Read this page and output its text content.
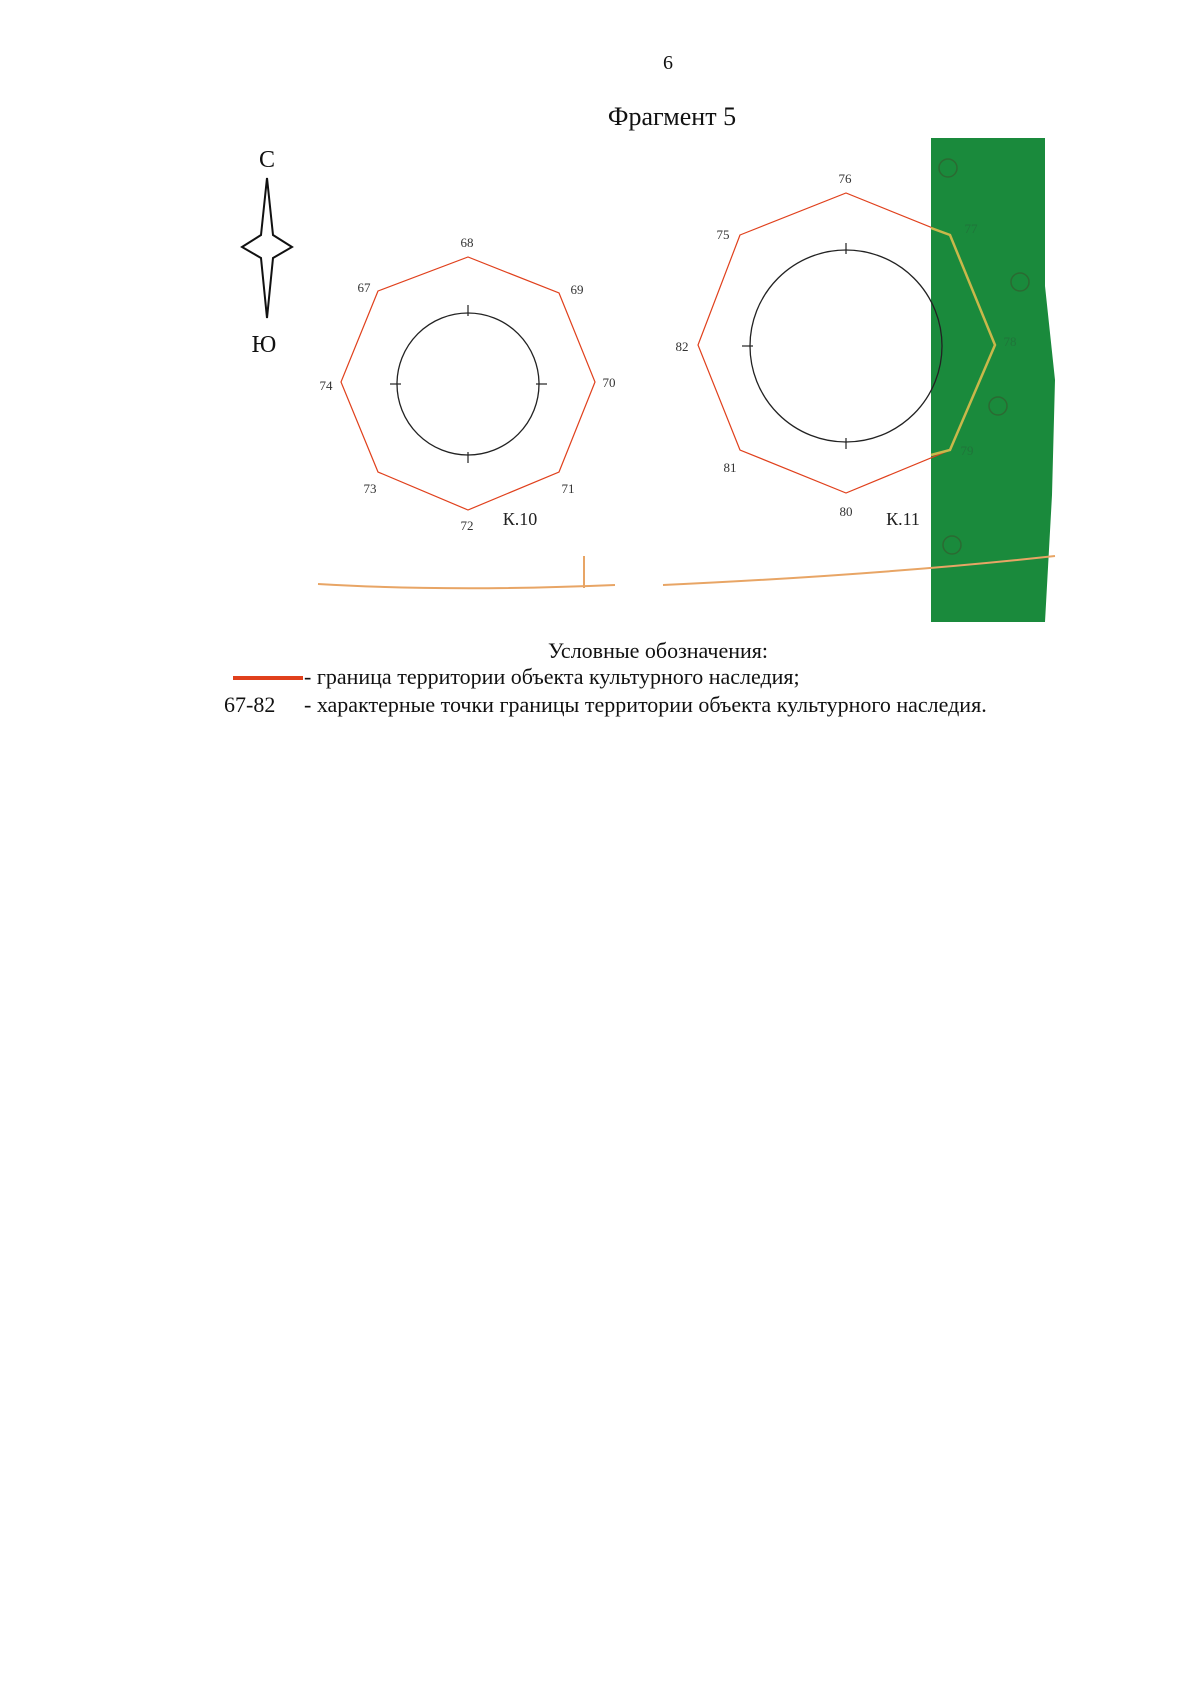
6
Фрагмент 5
С
Ю
67
68
69
70
71
72
73
74
К.10
75
76
77
78
79
80
81
82
К.11
Условные обозначения:
- граница территории объекта культурного наследия;
67-82 - характерные точки границы территории объекта культурного наследия.
